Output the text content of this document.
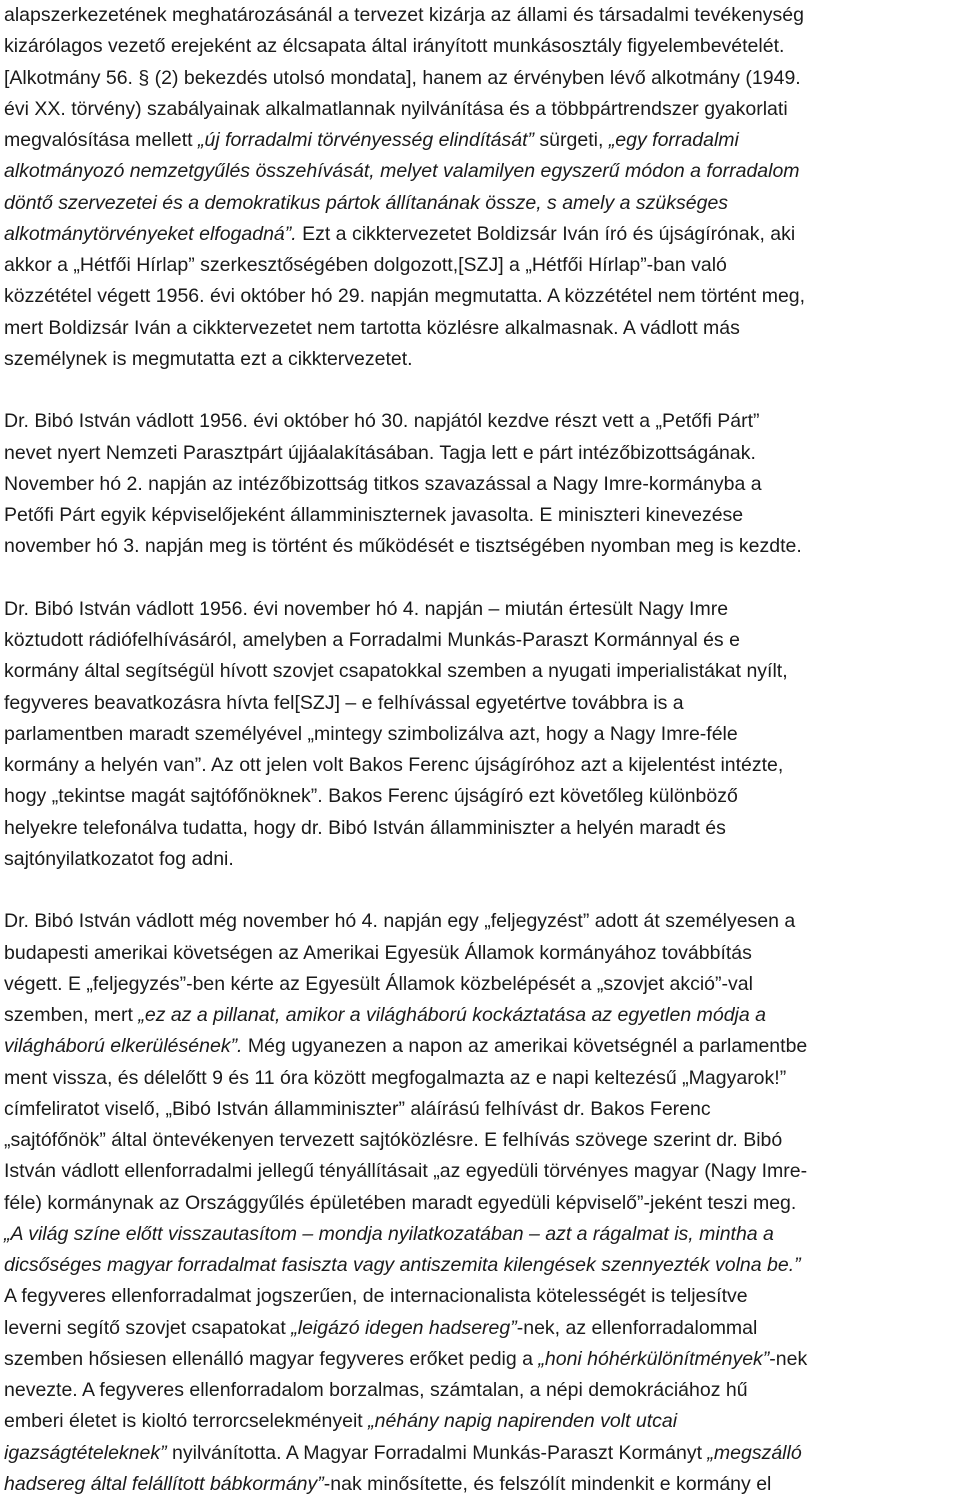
alapszerkezetének meghatározásánál a tervezet kizárja az állami és társadalmi tevékenység
kizárólagos vezető erejeként az élcsapata által irányított munkásosztály figyelembevételét.
[Alkotmány 56. § (2) bekezdés utolsó mondata], hanem az érvényben lévő alkotmány (1949.
évi XX. törvény) szabályainak alkalmatlannak nyilvánítása és a többpártrendszer gyakorlati
megvalósítása mellett „új forradalmi törvényesség elindítását” sürgeti, „egy forradalmi
alkotmányozó nemzetgyűlés összehívását, melyet valamilyen egyszerű módon a forradalom
döntő szervezetei és a demokratikus pártok állítanának össze, s amely a szükséges
alkotmánytörvényeket elfogadná”. Ezt a cikktervezetet Boldizsár Iván író és újságírónak, aki
akkor a „Hétfői Hírlap” szerkesztőségében dolgozott,[SZJ] a „Hétfői Hírlap”-ban való
közzététel végett 1956. évi október hó 29. napján megmutatta. A közzététel nem történt meg,
mert Boldizsár Iván a cikktervezetet nem tartotta közlésre alkalmasnak. A vádlott más
személynek is megmutatta ezt a cikktervezetet.
Dr. Bibó István vádlott 1956. évi október hó 30. napjától kezdve részt vett a „Petőfi Párt”
nevet nyert Nemzeti Parasztpárt újjáalakításában. Tagja lett e párt intézőbizottságának.
November hó 2. napján az intézőbizottság titkos szavazással a Nagy Imre-kormányba a
Petőfi Párt egyik képviselőjeként államminiszternek javasolta. E miniszteri kinevezése
november hó 3. napján meg is történt és működését e tisztségében nyomban meg is kezdte.
Dr. Bibó István vádlott 1956. évi november hó 4. napján – miután értesült Nagy Imre
köztudott rádiófelhívásáról, amelyben a Forradalmi Munkás-Paraszt Kormánnyal és e
kormány által segítségül hívott szovjet csapatokkal szemben a nyugati imperialistákat nyílt,
fegyveres beavatkozásra hívta fel[SZJ] – e felhívással egyetértve továbbra is a
parlamentben maradt személyével „mintegy szimbolizálva azt, hogy a Nagy Imre-féle
kormány a helyén van”. Az ott jelen volt Bakos Ferenc újságíróhoz azt a kijelentést intézte,
hogy „tekintse magát sajtófőnöknek”. Bakos Ferenc újságíró ezt követőleg különböző
helyekre telefonálva tudatta, hogy dr. Bibó István államminiszter a helyén maradt és
sajtónyilatkozatot fog adni.
Dr. Bibó István vádlott még november hó 4. napján egy „feljegyzést” adott át személyesen a
budapesti amerikai követségen az Amerikai Egyesük Államok kormányához továbbítás
végett. E „feljegyzés”-ben kérte az Egyesült Államok közbelépését a „szovjet akció”-val
szemben, mert „ez az a pillanat, amikor a világháború kockáztatása az egyetlen módja a
világháború elkerülésének”. Még ugyanezen a napon az amerikai követségnél a parlamentbe
ment vissza, és délelőtt 9 és 11 óra között megfogalmazta az e napi keltezésű „Magyarok!”
címfeliratot viselő, „Bibó István államminiszter” aláírású felhívást dr. Bakos Ferenc
„sajtófőnök” által öntevékenyen tervezett sajtóközlésre. E felhívás szövege szerint dr. Bibó
István vádlott ellenforradalmi jellegű tényállításait „az egyedüli törvényes magyar (Nagy Imre-
féle) kormánynak az Országgyűlés épületében maradt egyedüli képviselő”-jeként teszi meg.
„A világ színe előtt visszautasítom – mondja nyilatkozatában – azt a rágalmat is, mintha a
dicsőséges magyar forradalmat fasiszta vagy antiszemita kilengések szennyezték volna be.”
A fegyveres ellenforradalmat jogszerűen, de internacionalista kötelességét is teljesítve
leverni segítő szovjet csapatokat „leigázó idegen hadsereg”-nek, az ellenforradalommal
szemben hősiesen ellenálló magyar fegyveres erőket pedig a „honi hóhérkülönítmények”-nek
nevezte. A fegyveres ellenforradalom borzalmas, számtalan, a népi demokráciához hű
emberi életet is kioltó terrorcselekményeit „néhány napig napirenden volt utcai
igazságtételeknek” nyilvánította. A Magyar Forradalmi Munkás-Paraszt Kormányt „megszálló
hadsereg által felállított bábkormány”-nak minősítette, és felszólít mindenkit e kormány el
